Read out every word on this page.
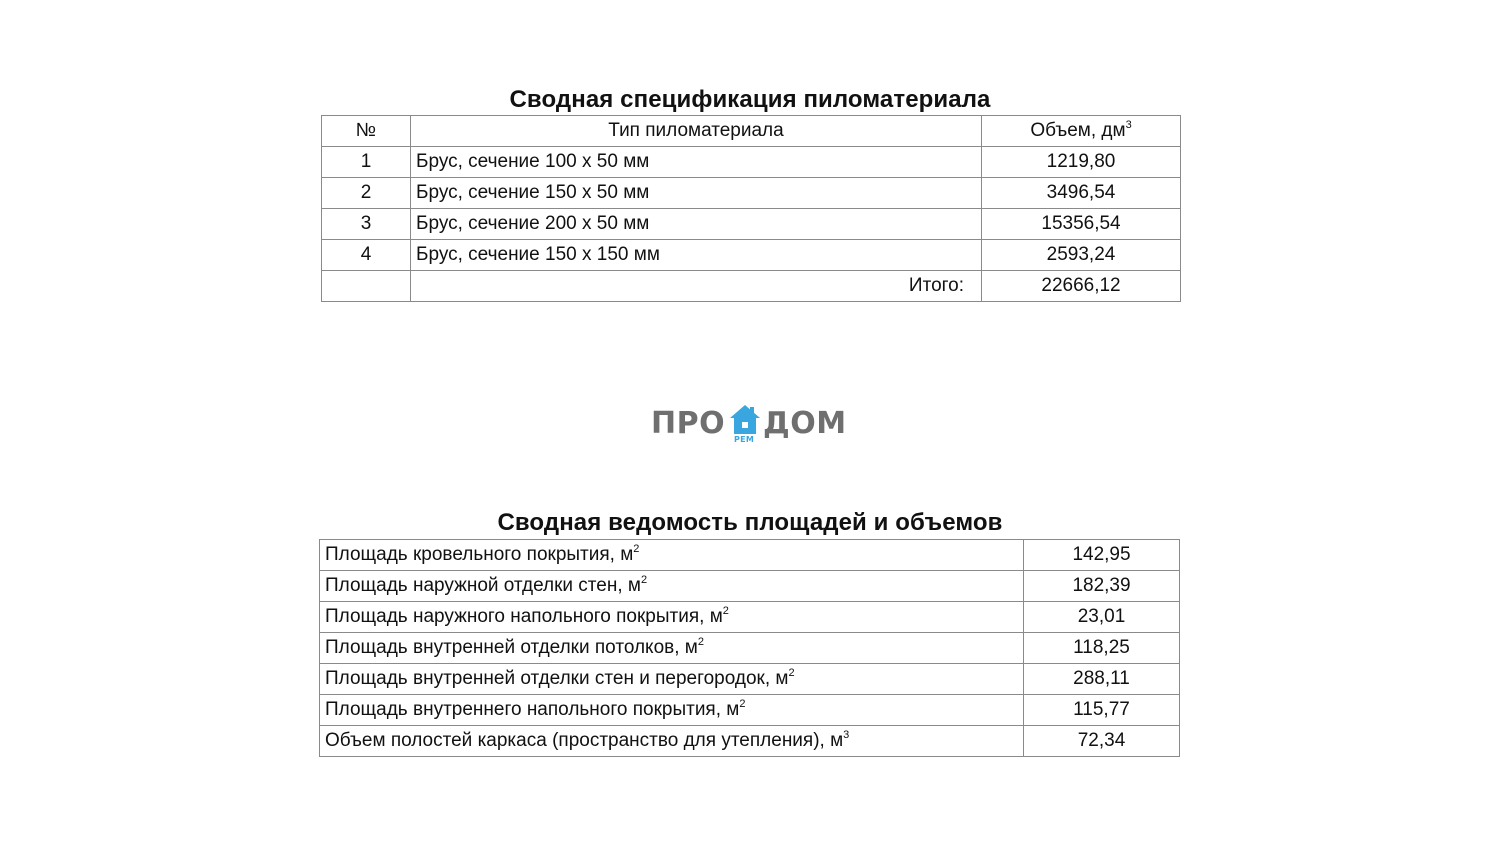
Сводная спецификация пиломатериала
№	Тип пиломатериала	Объем, $дм^3$
1	Брус, сечение 100 х 50 мм	1219,80
2	Брус, сечение 150 х 50 мм	3496,54
3	Брус, сечение 200 х 50 мм	15356,54
4	Брус, сечение 150 х 150 мм	2593,24
	Итого:	22666,12
ПРО РЕМ ДОМ
Сводная ведомость площадей и объемов
Площадь кровельного покрытия, $м^2$	142,95
Площадь наружной отделки стен, $м^2$	182,39
Площадь наружного напольного покрытия, $м^2$	23,01
Площадь внутренней отделки потолков, $м^2$	118,25
Площадь внутренней отделки стен и перегородок, $м^2$	288,11
Площадь внутреннего напольного покрытия, $м^2$	115,77
Объем полостей каркаса (пространство для утепления), $м^3$	72,34
